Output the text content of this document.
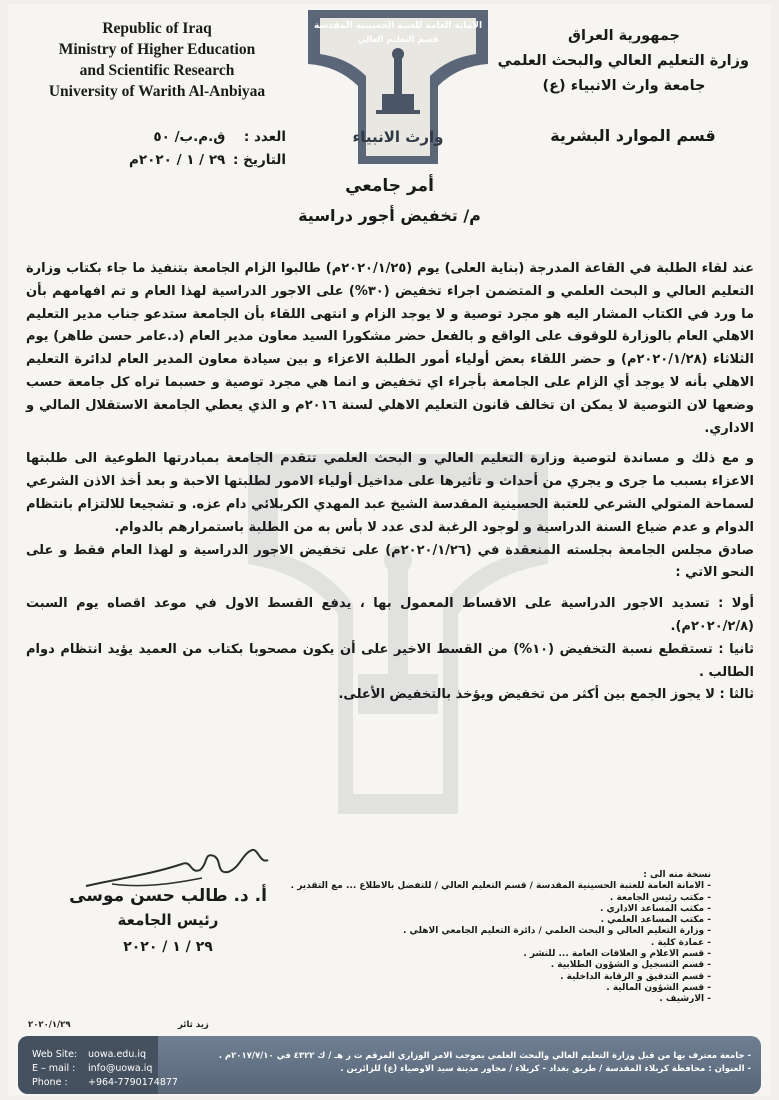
Republic of Iraq
Ministry of Higher Education
and Scientific Research
University of Warith Al-Anbiyaa
العدد : ق.م.ب/ ٥٠
التاريخ : ٢٩ / ١ / ٢٠٢٠م
الامانة العامة للعتبة الحسينية المقدسة
قسم التعليم العالي
وارث الانبياء
جمهورية العراق
وزارة التعليم العالي والبحث العلمي
جامعة وارث الانبياء (ع)
قسم الموارد البشرية
أمر جامعي
م/ تخفيض أجور دراسية

عند لقاء الطلبة في القاعة المدرجة (بناية العلى) يوم (٢٠٢٠/١/٢٥م) طالبوا الزام الجامعة بتنفيذ ما جاء بكتاب وزارة التعليم العالي و البحث العلمي و المتضمن اجراء تخفيض (٣٠%) على الاجور الدراسية لهذا العام و تم افهامهم بأن ما ورد في الكتاب المشار اليه هو مجرد توصية و لا يوجد الزام و انتهى اللقاء بأن الجامعة ستدعو جناب مدير التعليم الاهلي العام بالوزارة للوقوف على الواقع و بالفعل حضر مشكورا السيد معاون مدير العام (د.عامر حسن طاهر) يوم الثلاثاء (٢٠٢٠/١/٢٨م) و حضر اللقاء بعض أولياء أمور الطلبة الاعزاء و بين سيادة معاون المدير العام لدائرة التعليم الاهلي بأنه لا يوجد أي الزام على الجامعة بأجراء اي تخفيض و انما هي مجرد توصية و حسبما تراه كل جامعة حسب وضعها لان التوصية لا يمكن ان تخالف قانون التعليم الاهلي لسنة ٢٠١٦م و الذي يعطي الجامعة الاستقلال المالي و الاداري.

و مع ذلك و مساندة لتوصية وزارة التعليم العالي و البحث العلمي تتقدم الجامعة بمبادرتها الطوعية الى طلبتها الاعزاء بسبب ما جرى و يجري من أحداث و تأثيرها على مداخيل أولياء الامور لطلبتها الاحبة و بعد أخذ الاذن الشرعي لسماحة المتولي الشرعي للعتبة الحسينية المقدسة الشيخ عبد المهدي الكربلائي دام عزه. و تشجيعا للالتزام بانتظام الدوام و عدم ضياع السنة الدراسية و لوجود الرغبة لدى عدد لا بأس به من الطلبة باستمرارهم بالدوام.

صادق مجلس الجامعة بجلسته المنعقدة في (٢٠٢٠/١/٢٦م) على تخفيض الاجور الدراسية و لهذا العام فقط و على النحو الاتي :

أولا : تسديد الاجور الدراسية على الاقساط المعمول بها ، يدفع القسط الاول في موعد اقصاه يوم السبت (٢٠٢٠/٢/٨م).

ثانيا : تستقطع نسبة التخفيض (١٠%) من القسط الاخير على أن يكون مصحوبا بكتاب من العميد يؤيد انتظام دوام الطالب .

ثالثا : لا يجوز الجمع بين أكثر من تخفيض ويؤخذ بالتخفيض الأعلى.

أ. د. طالب حسن موسى
رئيس الجامعة
٢٩ / ١ / ٢٠٢٠
نسخة منه الى :
- الامانة العامة للعتبة الحسينية المقدسة / قسم التعليم العالي / للتفضل بالاطلاع ... مع التقدير .
- مكتب رئيس الجامعة .
- مكتب المساعد الاداري .
- مكتب المساعد العلمي .
- وزارة التعليم العالي و البحث العلمي / دائرة التعليم الجامعي الاهلي .
- عمادة كلية .
- قسم الاعلام و العلاقات العامة ... للنشر .
- قسم التسجيل و الشؤون الطلابية .
- قسم التدقيق و الرقابة الداخلية .
- قسم الشؤون المالية .
- الارشيف .
٢٠٢٠/١/٢٩	زيد ثائر
Web Site: uowa.edu.iq
E – mail : info@uowa.iq
Phone : +964-7790174877
- جامعة معترف بها من قبل وزارة التعليم العالي والبحث العلمي بموجب الامر الوزاري المرقم ت ر هـ / ك ٤٣٢٢ في ٢٠١٧/٧/١٠م .
- العنوان : محافظة كربلاء المقدسة / طريق بغداد - كربلاء / مجاور مدينة سيد الاوصياء (ع) للزائرين .
